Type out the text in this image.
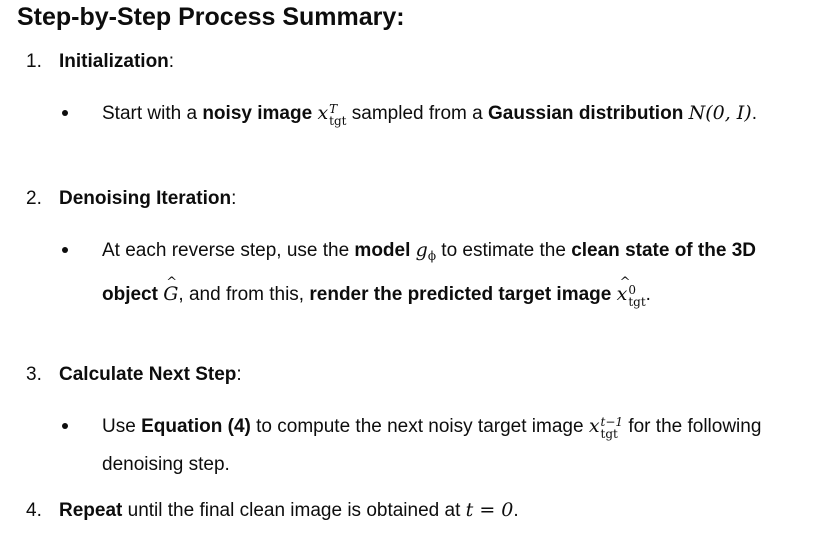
Step-by-Step Process Summary:
1. Initialization:
Start with a noisy image x T
tgt sampled from a Gaussian distribution N(0, I).
2. Denoising Iteration:
At each reverse step, use the model $g_\phi$ to estimate the clean state of the 3D object ^ G, and from this, render the predicted target image ^ x 0
tgt .
3. Calculate Next Step:
Use Equation (4) to compute the next noisy target image x t−1
tgt for the following denoising step.
4. Repeat until the final clean image is obtained at t = 0.
